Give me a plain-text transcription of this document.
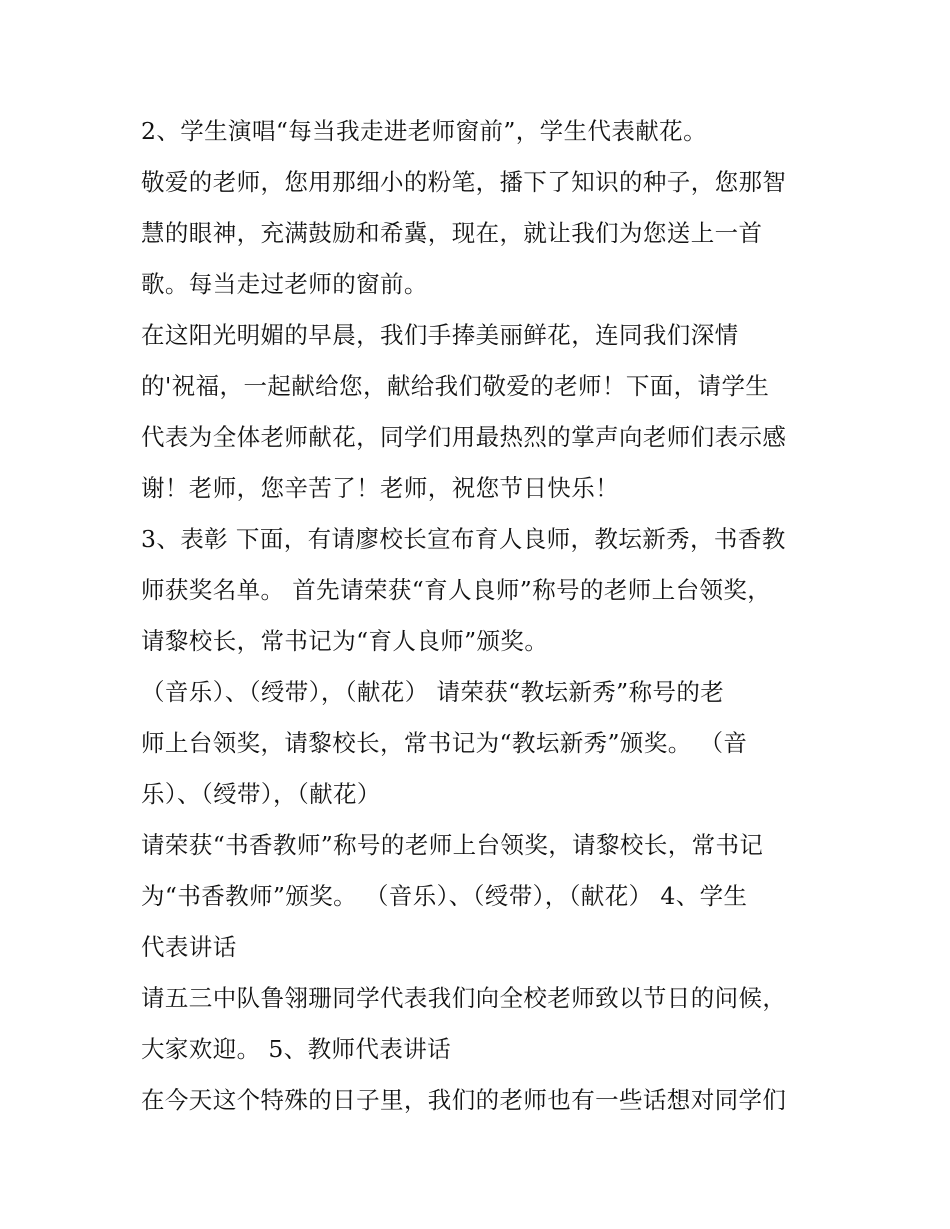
2、学生演唱“每当我走进老师窗前”，学生代表献花。
敬爱的老师，您用那细小的粉笔，播下了知识的种子，您那智
慧的眼神，充满鼓励和希冀，现在，就让我们为您送上一首
歌。每当走过老师的窗前。
在这阳光明媚的早晨，我们手捧美丽鲜花，连同我们深情
的'祝福，一起献给您，献给我们敬爱的老师！下面，请学生
代表为全体老师献花，同学们用最热烈的掌声向老师们表示感
谢！老师，您辛苦了！老师，祝您节日快乐！
3、表彰 下面，有请廖校长宣布育人良师，教坛新秀，书香教
师获奖名单。 首先请荣获“育人良师”称号的老师上台领奖，
请黎校长，常书记为“育人良师”颁奖。
（音乐）、（绶带），（献花） 请荣获“教坛新秀”称号的老
师上台领奖，请黎校长，常书记为“教坛新秀”颁奖。 （音
乐）、（绶带），（献花）
请荣获“书香教师”称号的老师上台领奖，请黎校长，常书记
为“书香教师”颁奖。 （音乐）、（绶带），（献花） 4、学生
代表讲话
请五三中队鲁翎珊同学代表我们向全校老师致以节日的问候，
大家欢迎。 5、教师代表讲话
在今天这个特殊的日子里，我们的老师也有一些话想对同学们
